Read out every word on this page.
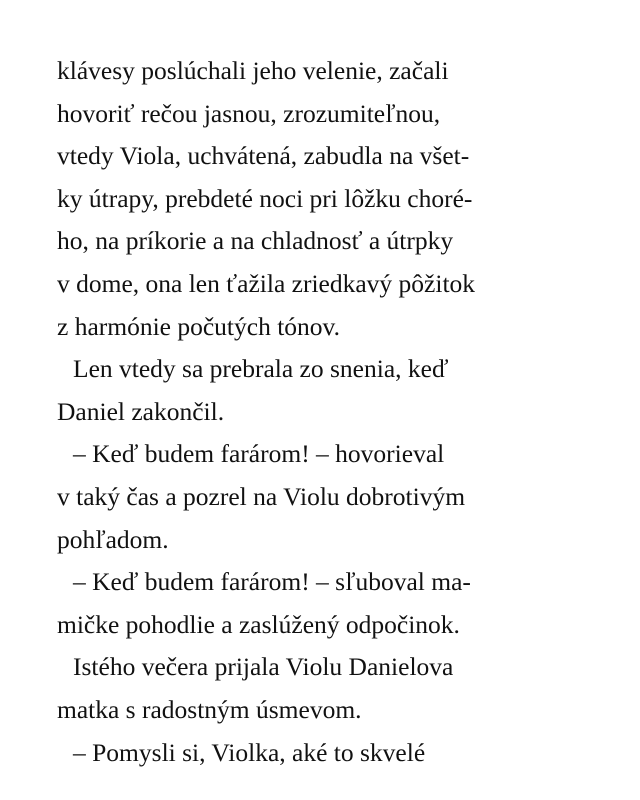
klávesy poslúchali jeho velenie, začali
hovoriť rečou jasnou, zrozumiteľnou,
vtedy Viola, uchvátená, zabudla na všet-
ky útrapy, prebdeté noci pri lôžku choré-
ho, na príkorie a na chladnosť a útrpky
v dome, ona len ťažila zriedkavý pôžitok
z harmónie počutých tónov.
Len vtedy sa prebrala zo snenia, keď
Daniel zakončil.
– Keď budem farárom! – hovorieval
v taký čas a pozrel na Violu dobrotivým
pohľadom.
– Keď budem farárom! – sľuboval ma-
mičke pohodlie a zaslúžený odpočinok.
Istého večera prijala Violu Danielova
matka s radostným úsmevom.
– Pomysli si, Violka, aké to skvelé
